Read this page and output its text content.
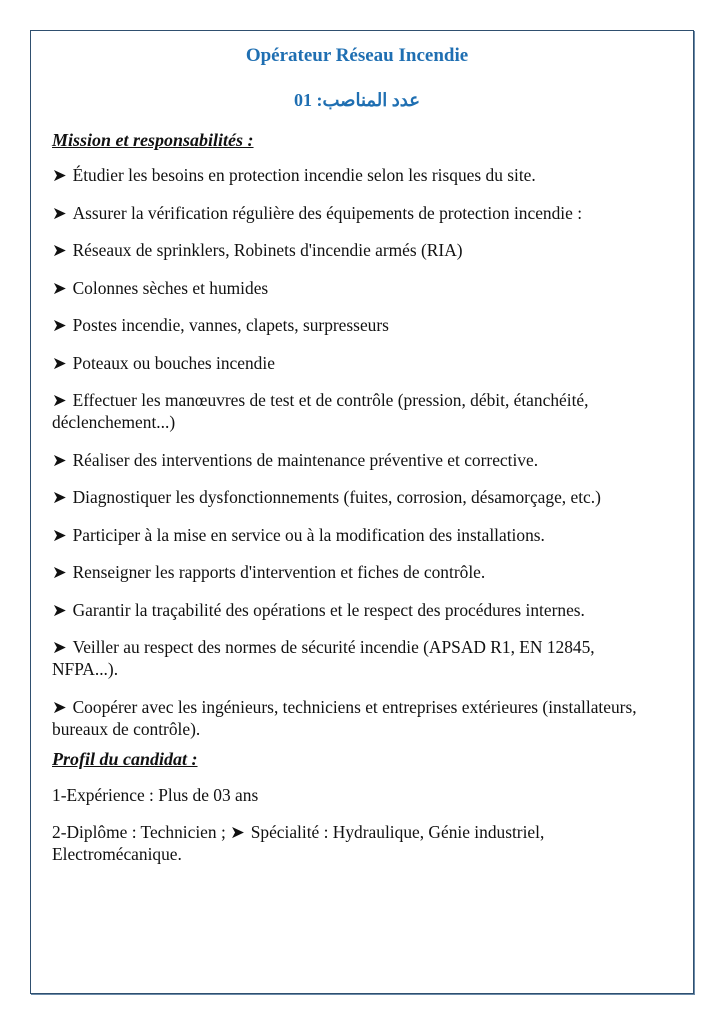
Opérateur Réseau Incendie

عدد المناصب: 01

Mission et responsabilités :
➤ Étudier les besoins en protection incendie selon les risques du site.
➤ Assurer la vérification régulière des équipements de protection incendie :
➤ Réseaux de sprinklers, Robinets d'incendie armés (RIA)
➤ Colonnes sèches et humides
➤ Postes incendie, vannes, clapets, surpresseurs
➤ Poteaux ou bouches incendie
➤ Effectuer les manœuvres de test et de contrôle (pression, débit, étanchéité, déclenchement...)
➤ Réaliser des interventions de maintenance préventive et corrective.
➤ Diagnostiquer les dysfonctionnements (fuites, corrosion, désamorçage, etc.)
➤ Participer à la mise en service ou à la modification des installations.
➤ Renseigner les rapports d'intervention et fiches de contrôle.
➤ Garantir la traçabilité des opérations et le respect des procédures internes.
➤ Veiller au respect des normes de sécurité incendie (APSAD R1, EN 12845, NFPA...).
➤ Coopérer avec les ingénieurs, techniciens et entreprises extérieures (installateurs, bureaux de contrôle).
Profil du candidat :
1-Expérience : Plus de 03 ans
2-Diplôme : Technicien ; ➤ Spécialité : Hydraulique, Génie industriel, Electromécanique.
